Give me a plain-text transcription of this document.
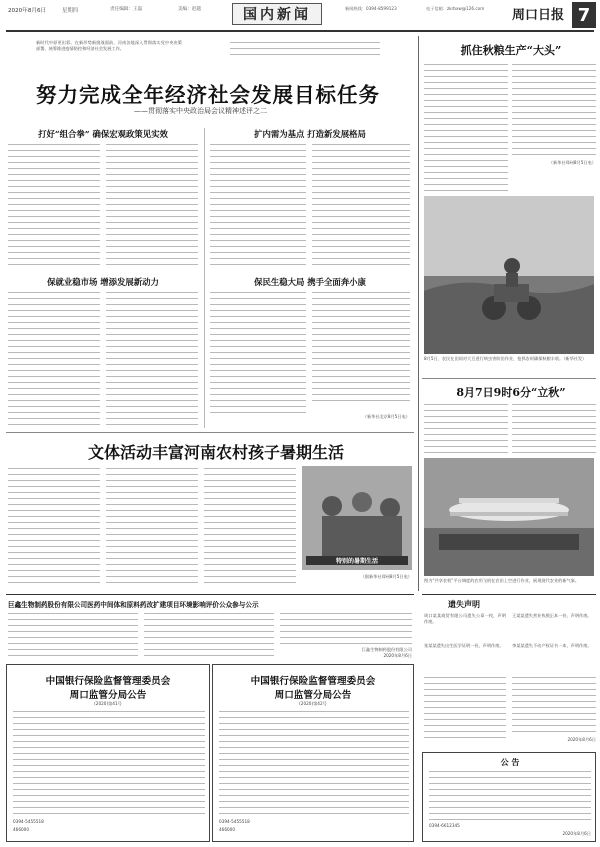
2020年8月6日	星期四	责任编辑：王磊	美编：赵越	国内新闻	新闻热线：0394-8599123	电子信箱：zkrbxw@126.com 周口日报 7
新时代中原更出彩。在新形势新挑战面前，河南各地深入贯彻落实党中央决策部署，统筹推进疫情防控和经济社会发展工作。
努力完成全年经济社会发展目标任务
——贯彻落实中央政治局会议精神述评之二
打好“组合拳” 确保宏观政策见实效	扩内需为基点 打造新发展格局
保就业稳市场 增添发展新动力	保民生稳大局 携手全面奔小康
（新华社北京8月5日电）
抓住秋粮生产“大头”
（新华社郑州8月5日电）
8月5日，农民在田间对大豆进行病虫害防治作业，抢抓农时确保秋粮丰收。（新华社发）
8月7日9时6分“立秋”
图为“共享农机”平台调度的农用飞机在农田上空进行作业，展现现代农业的新气象。
文体活动丰富河南农村孩子暑期生活
特别的暑期生活
（据新华社郑州8月5日电）
巨鑫生物制药股份有限公司医药中间体和原料药改扩建项目环境影响评价公众参与公示
巨鑫生物制药股份有限公司
2020年8月6日
中国银行保险监督管理委员会
周口监管分局公告
(2020)第41号
0394-5455518
466000
中国银行保险监督管理委员会
周口监管分局公告
(2020)第42号
0394-5455518
466000
遗失声明
周口某某商贸有限公司遗失公章一枚，声明作废。
张某某遗失出生医学证明一份，声明作废。
王某某遗失营业执照正本一份，声明作废。
李某某遗失不动产权证书一本，声明作废。
2020年8月6日
公 告
0394-6612345
2020年8月6日
